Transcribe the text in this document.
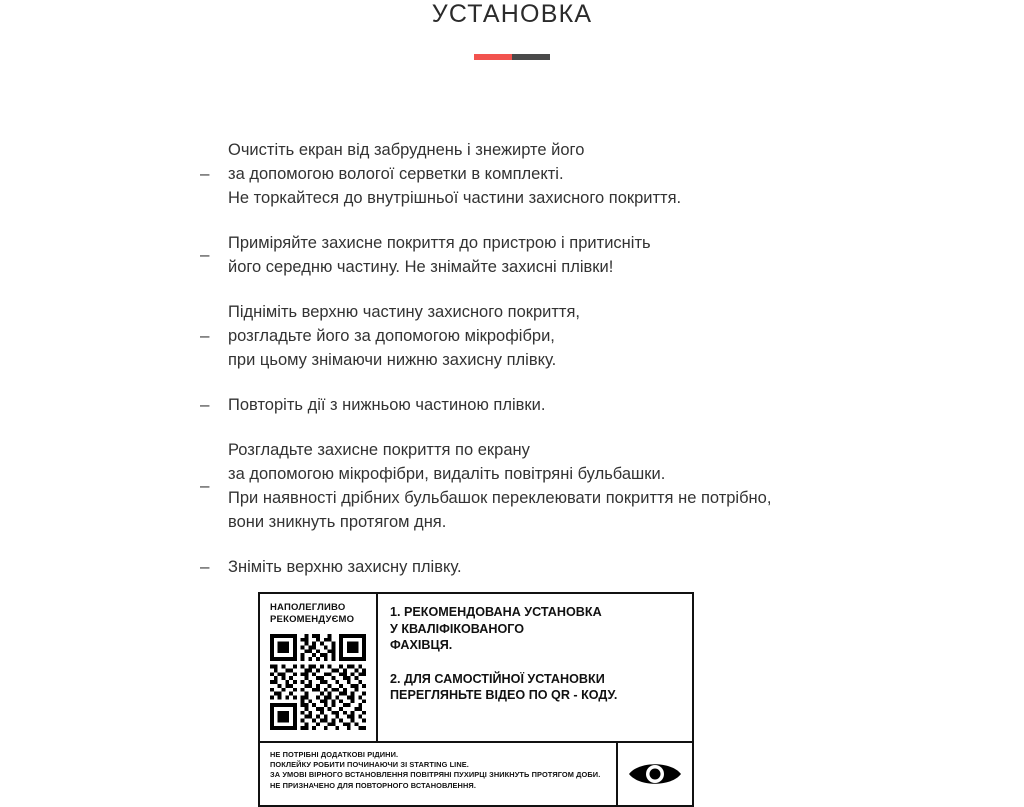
УСТАНОВКА
–
Очистіть екран від забруднень і знежирте його
за допомогою вологої серветки в комплекті.
Не торкайтеся до внутрішньої частини захисного покриття.
–
Приміряйте захисне покриття до пристрою і притисніть
його середню частину. Не знімайте захисні плівки!
–
Підніміть верхню частину захисного покриття,
розгладьте його за допомогою мікрофібри,
при цьому знімаючи нижню захисну плівку.
–	Повторіть дії з нижньою частиною плівки.
–
Розгладьте захисне покриття по екрану
за допомогою мікрофібри, видаліть повітряні бульбашки.
При наявності дрібних бульбашок переклеювати покриття не потрібно,
вони зникнуть протягом дня.
–	Зніміть верхню захисну плівку.
НАПОЛЕГЛИВО РЕКОМЕНДУЄМО	1. РЕКОМЕНДОВАНА УСТАНОВКА
У КВАЛІФІКОВАНОГО
ФАХІВЦЯ.
2. ДЛЯ САМОСТІЙНОЇ УСТАНОВКИ
ПЕРЕГЛЯНЬТЕ ВІДЕО ПО QR - КОДУ.
НЕ ПОТРІБНІ ДОДАТКОВІ РІДИНИ.
ПОКЛЕЙКУ РОБИТИ ПОЧИНАЮЧИ ЗІ STARTING LINE.
ЗА УМОВІ ВІРНОГО ВСТАНОВЛЕННЯ ПОВІТРЯНІ ПУХИРЦІ ЗНИКНУТЬ ПРОТЯГОМ ДОБИ.
НЕ ПРИЗНАЧЕНО ДЛЯ ПОВТОРНОГО ВСТАНОВЛЕННЯ.
